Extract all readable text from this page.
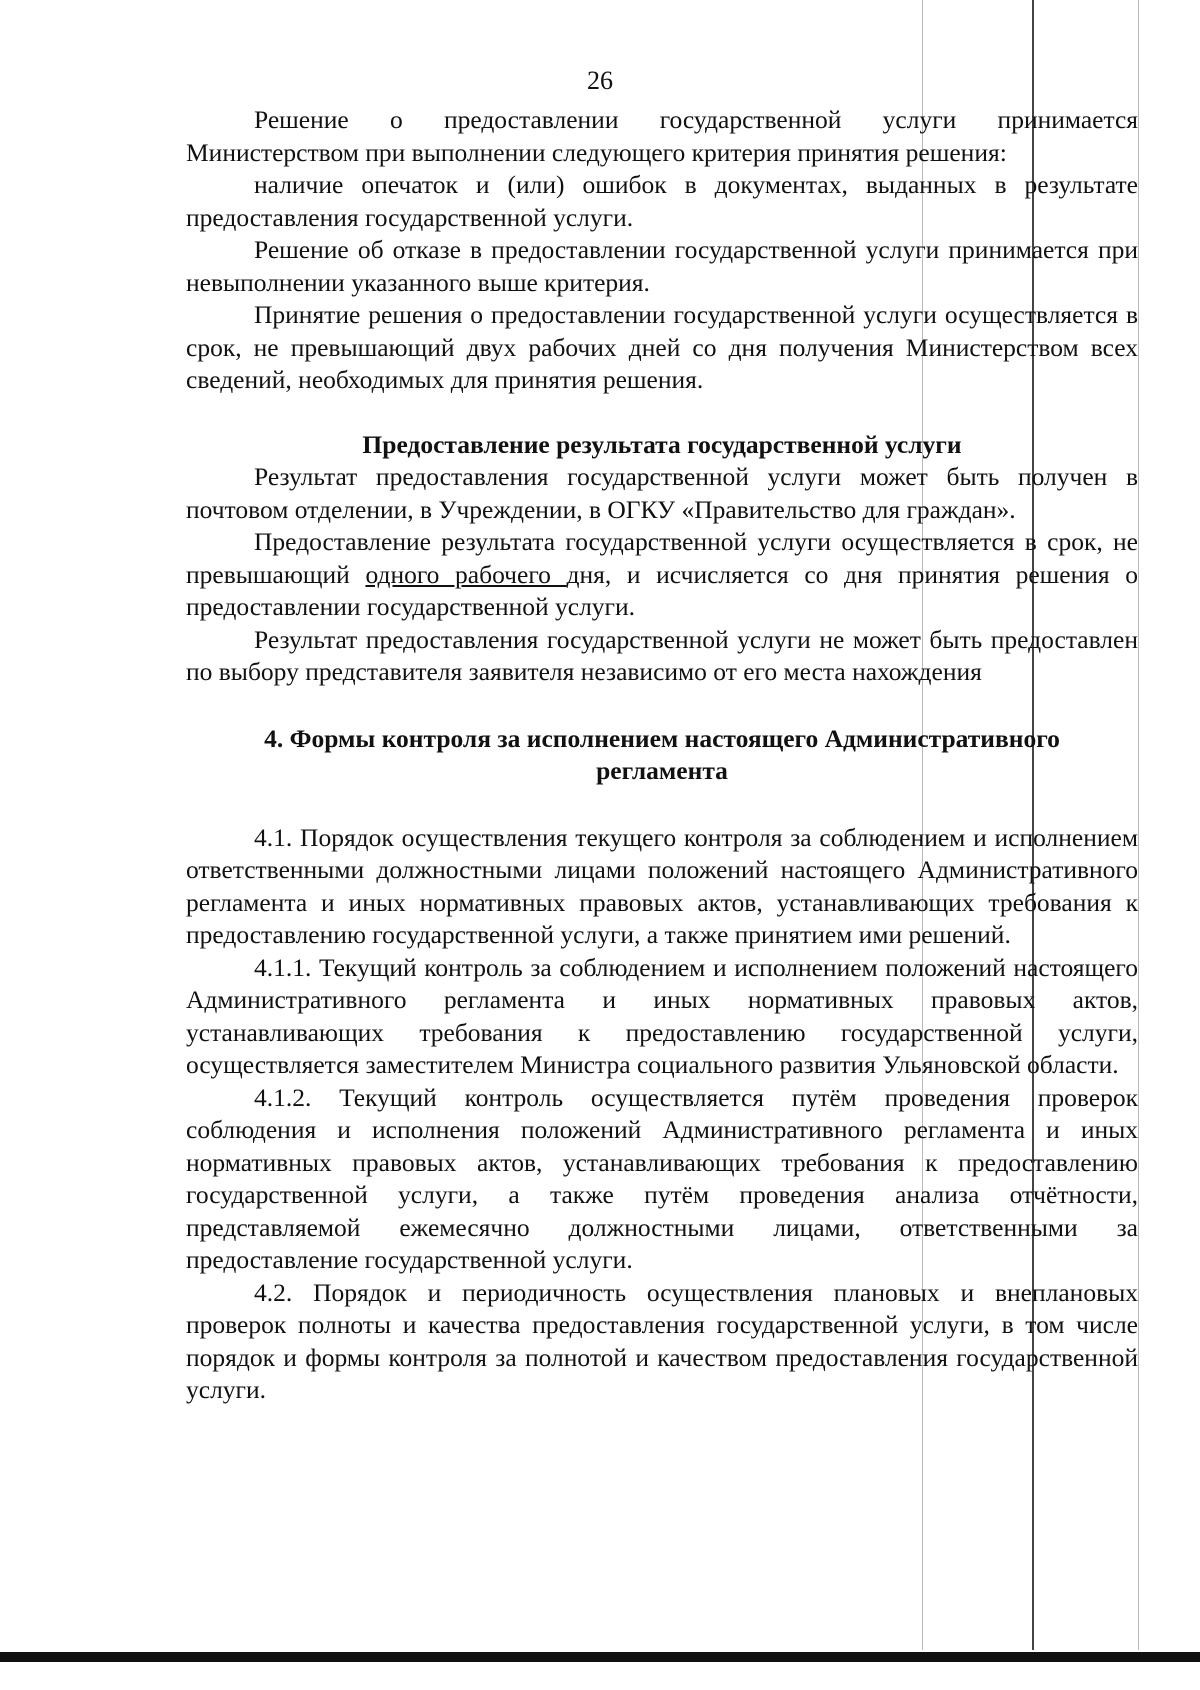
26

Решение о предоставлении государственной услуги принимается Министерством при выполнении следующего критерия принятия решения:

наличие опечаток и (или) ошибок в документах, выданных в результате предоставления государственной услуги.

Решение об отказе в предоставлении государственной услуги принимается при невыполнении указанного выше критерия.

Принятие решения о предоставлении государственной услуги осуществляется в срок, не превышающий двух рабочих дней со дня получения Министерством всех сведений, необходимых для принятия решения.

Предоставление результата государственной услуги

Результат предоставления государственной услуги может быть получен в почтовом отделении, в Учреждении, в ОГКУ «Правительство для граждан».

Предоставление результата государственной услуги осуществляется в срок, не превышающий одного рабочего дня, и исчисляется со дня принятия решения о предоставлении государственной услуги.

Результат предоставления государственной услуги не может быть предоставлен по выбору представителя заявителя независимо от его места нахождения

4. Формы контроля за исполнением настоящего Административного
регламента

4.1. Порядок осуществления текущего контроля за соблюдением и исполнением ответственными должностными лицами положений настоящего Административного регламента и иных нормативных правовых актов, устанавливающих требования к предоставлению государственной услуги, а также принятием ими решений.

4.1.1. Текущий контроль за соблюдением и исполнением положений настоящего Административного регламента и иных нормативных правовых актов, устанавливающих требования к предоставлению государственной услуги, осуществляется заместителем Министра социального развития Ульяновской области.

4.1.2. Текущий контроль осуществляется путём проведения проверок соблюдения и исполнения положений Административного регламента и иных нормативных правовых актов, устанавливающих требования к предоставлению государственной услуги, а также путём проведения анализа отчётности, представляемой ежемесячно должностными лицами, ответственными за предоставление государственной услуги.

4.2. Порядок и периодичность осуществления плановых и внеплановых проверок полноты и качества предоставления государственной услуги, в том числе порядок и формы контроля за полнотой и качеством предоставления государственной услуги.
